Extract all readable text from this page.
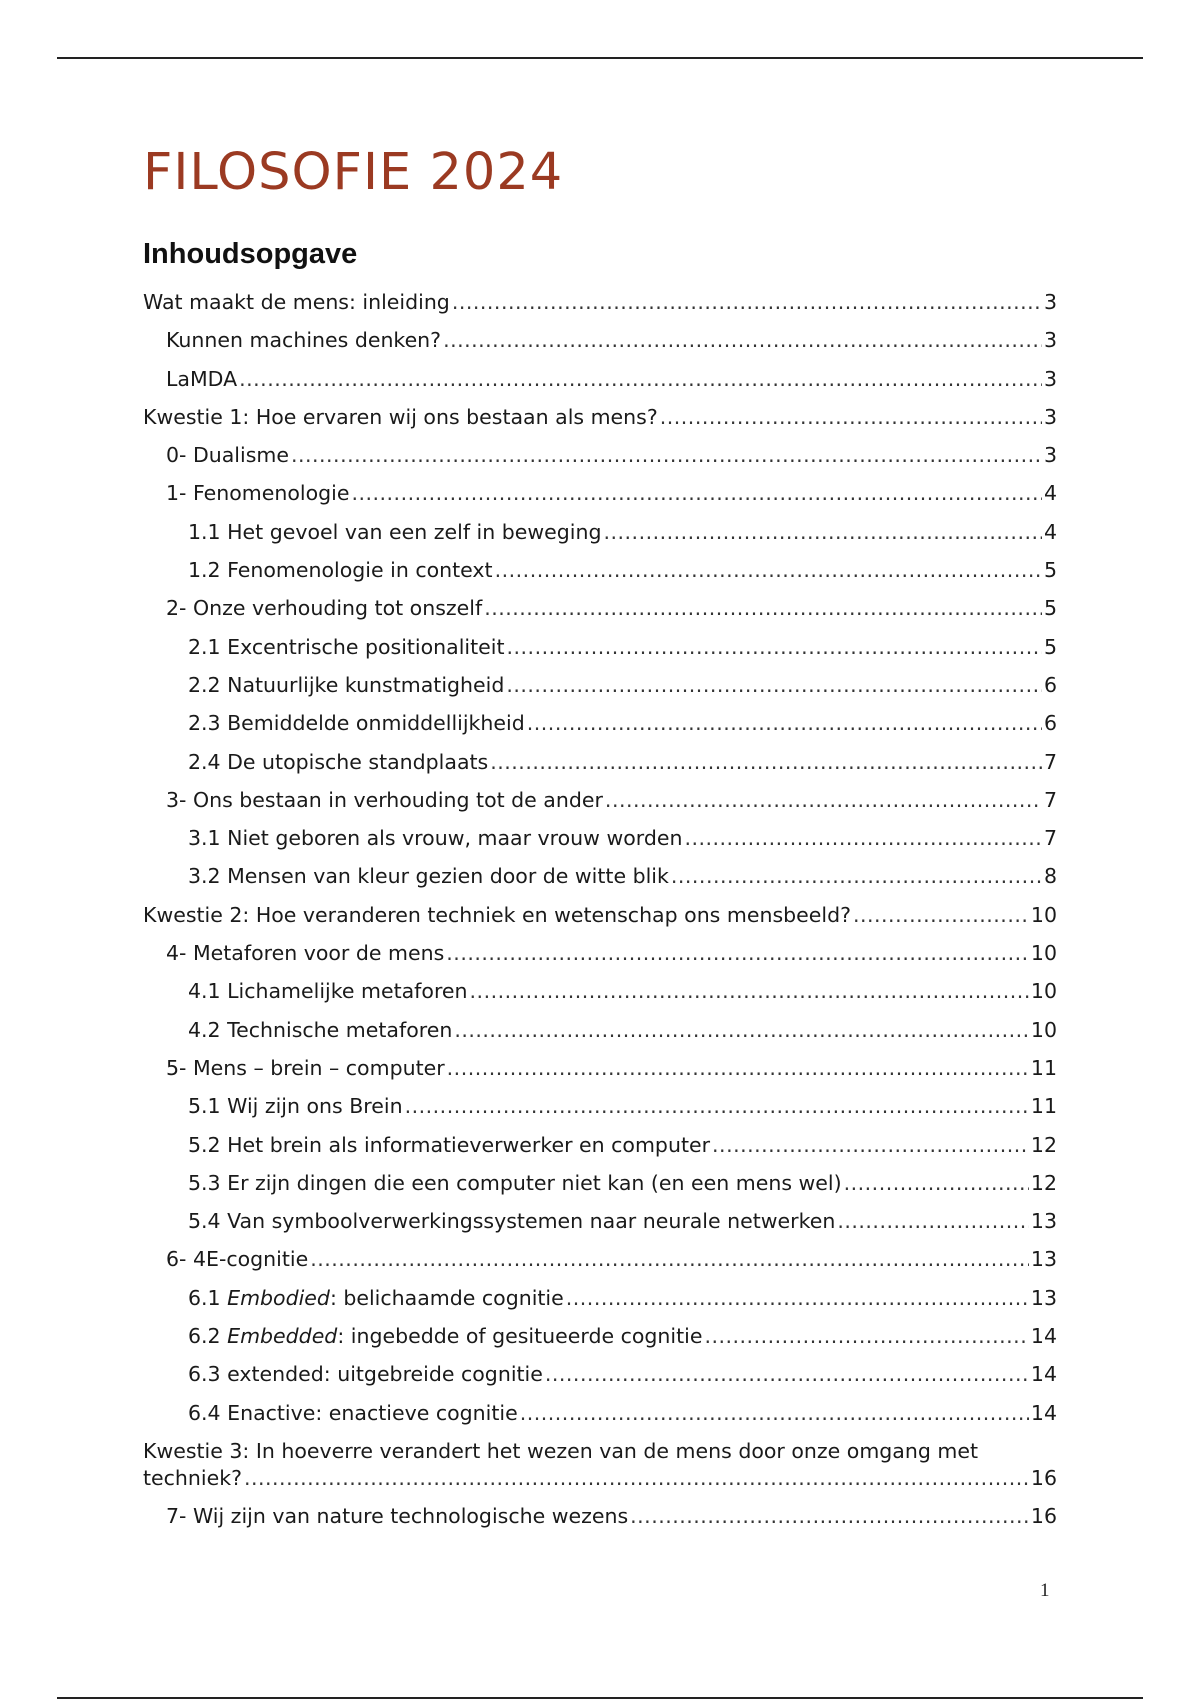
FILOSOFIE 2024
Inhoudsopgave
Wat maakt de mens: inleiding .....	3
Kunnen machines denken? .....	3
LaMDA .....	3
Kwestie 1: Hoe ervaren wij ons bestaan als mens? .....	3
0- Dualisme .....	3
1- Fenomenologie .....	4
1.1 Het gevoel van een zelf in beweging .....	4
1.2 Fenomenologie in context .....	5
2- Onze verhouding tot onszelf .....	5
2.1 Excentrische positionaliteit .....	5
2.2 Natuurlijke kunstmatigheid .....	6
2.3 Bemiddelde onmiddellijkheid .....	6
2.4 De utopische standplaats .....	7
3- Ons bestaan in verhouding tot de ander .....	7
3.1 Niet geboren als vrouw, maar vrouw worden .....	7
3.2 Mensen van kleur gezien door de witte blik .....	8
Kwestie 2: Hoe veranderen techniek en wetenschap ons mensbeeld? .....	10
4- Metaforen voor de mens .....	10
4.1 Lichamelijke metaforen .....	10
4.2 Technische metaforen .....	10
5- Mens – brein – computer .....	11
5.1 Wij zijn ons Brein .....	11
5.2 Het brein als informatieverwerker en computer .....	12
5.3 Er zijn dingen die een computer niet kan (en een mens wel) .....	12
5.4 Van symboolverwerkingssystemen naar neurale netwerken .....	13
6- 4E-cognitie .....	13
6.1 Embodied: belichaamde cognitie .....	13
6.2 Embedded: ingebedde of gesitueerde cognitie .....	14
6.3 extended: uitgebreide cognitie .....	14
6.4 Enactive: enactieve cognitie .....	14
Kwestie 3: In hoeverre verandert het wezen van de mens door onze omgang met
techniek? .....	16
7- Wij zijn van nature technologische wezens .....	16
1
